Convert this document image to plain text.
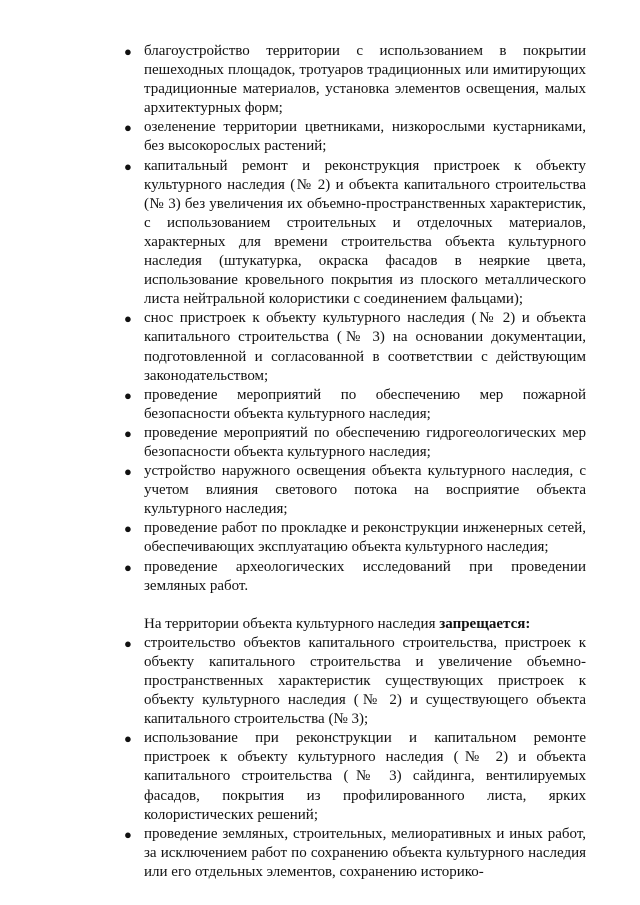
● благоустройство территории с использованием в покрытии пешеходных площадок, тротуаров традиционных или имитирующих традиционные материалов, установка элементов освещения, малых архитектурных форм;
● озеленение территории цветниками, низкорослыми кустарниками, без высокорослых растений;
● капитальный ремонт и реконструкция пристроек к объекту культурного наследия (№ 2) и объекта капитального строительства (№ 3) без увеличения их объемно-пространственных характеристик, с использованием строительных и отделочных материалов, характерных для времени строительства объекта культурного наследия (штукатурка, окраска фасадов в неяркие цвета, использование кровельного покрытия из плоского металлического листа нейтральной колористики с соединением фальцами);
● снос пристроек к объекту культурного наследия (№ 2) и объекта капитального строительства (№ 3) на основании документации, подготовленной и согласованной в соответствии с действующим законодательством;
● проведение мероприятий по обеспечению мер пожарной безопасности объекта культурного наследия;
● проведение мероприятий по обеспечению гидрогеологических мер безопасности объекта культурного наследия;
● устройство наружного освещения объекта культурного наследия, с учетом влияния светового потока на восприятие объекта культурного наследия;
● проведение работ по прокладке и реконструкции инженерных сетей, обеспечивающих эксплуатацию объекта культурного наследия;
● проведение археологических исследований при проведении земляных работ.

На территории объекта культурного наследия запрещается:

● строительство объектов капитального строительства, пристроек к объекту капитального строительства и увеличение объемно-пространственных характеристик существующих пристроек к объекту культурного наследия (№ 2) и существующего объекта капитального строительства (№ 3);
● использование при реконструкции и капитальном ремонте пристроек к объекту культурного наследия (№ 2) и объекта капитального строительства (№ 3) сайдинга, вентилируемых фасадов, покрытия из профилированного листа, ярких колористических решений;
● проведение земляных, строительных, мелиоративных и иных работ, за исключением работ по сохранению объекта культурного наследия или его отдельных элементов, сохранению историко-
